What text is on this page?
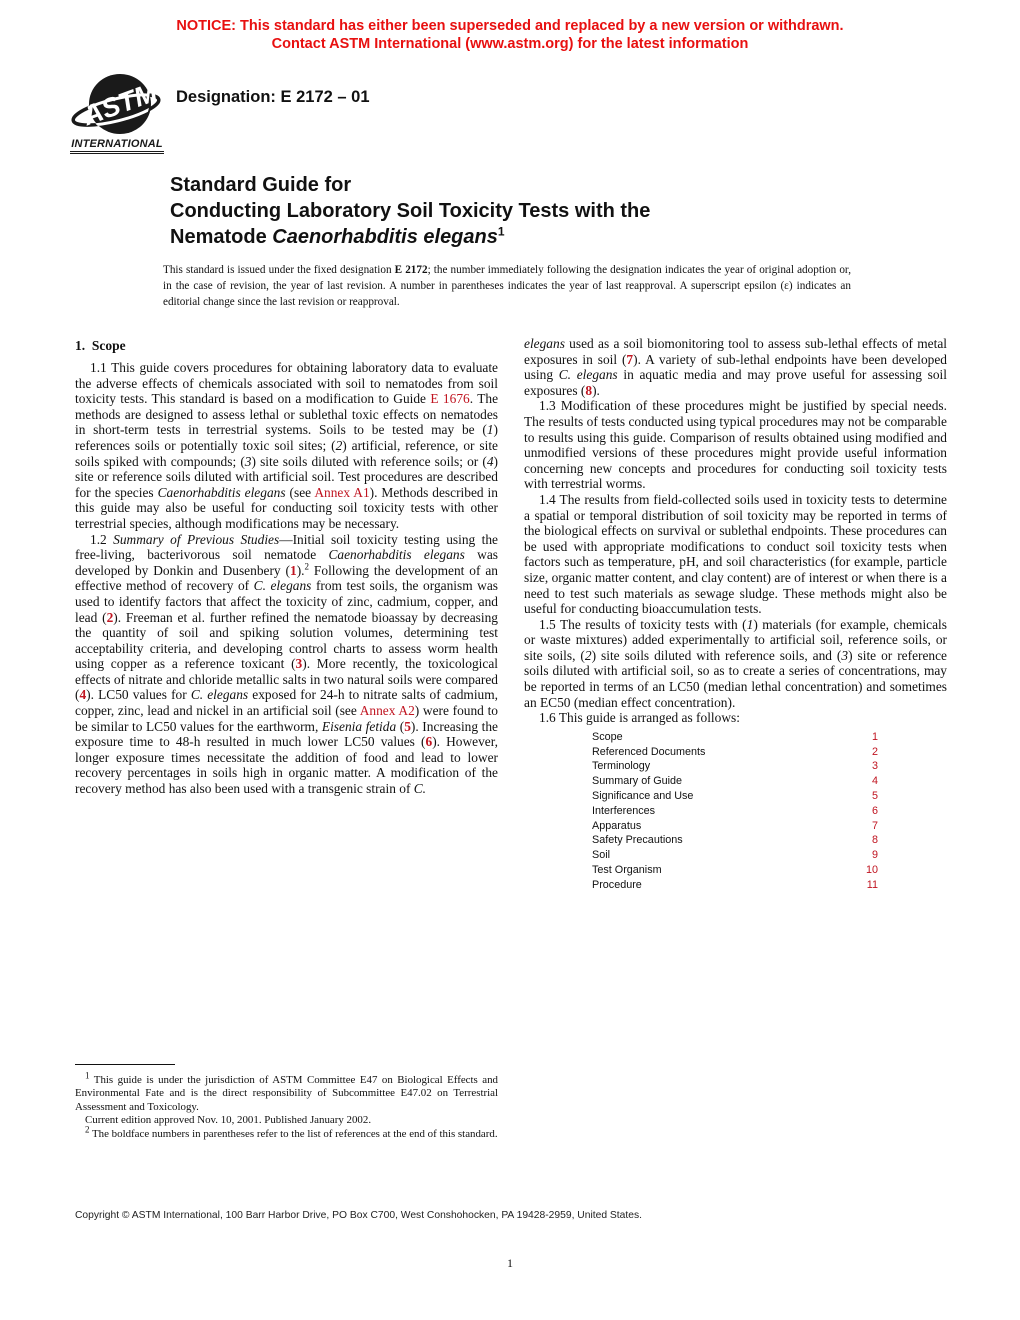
NOTICE: This standard has either been superseded and replaced by a new version or withdrawn.
Contact ASTM International (www.astm.org) for the latest information
ASTM
INTERNATIONAL
Designation: E 2172 – 01
Standard Guide for
Conducting Laboratory Soil Toxicity Tests with the
Nematode Caenorhabditis elegans$^1$

This standard is issued under the fixed designation E 2172; the number immediately following the designation indicates the year of original adoption or, in the case of revision, the year of last revision. A number in parentheses indicates the year of last reapproval. A superscript epsilon (ε) indicates an editorial change since the last revision or reapproval.

1.  Scope

1.1 This guide covers procedures for obtaining laboratory data to evaluate the adverse effects of chemicals associated with soil to nematodes from soil toxicity tests. This standard is based on a modification to Guide E 1676. The methods are designed to assess lethal or sublethal toxic effects on nematodes in short-term tests in terrestrial systems. Soils to be tested may be (1) references soils or potentially toxic soil sites; (2) artificial, reference, or site soils spiked with compounds; (3) site soils diluted with reference soils; or (4) site or reference soils diluted with artificial soil. Test procedures are described for the species Caenorhabditis elegans (see Annex A1). Methods described in this guide may also be useful for conducting soil toxicity tests with other terrestrial species, although modifications may be necessary.

1.2 Summary of Previous Studies—Initial soil toxicity testing using the free-living, bacterivorous soil nematode Caenorhabditis elegans was developed by Donkin and Dusenbery (1).$^2$ Following the development of an effective method of recovery of C. elegans from test soils, the organism was used to identify factors that affect the toxicity of zinc, cadmium, copper, and lead (2). Freeman et al. further refined the nematode bioassay by decreasing the quantity of soil and spiking solution volumes, determining test acceptability criteria, and developing control charts to assess worm health using copper as a reference toxicant (3). More recently, the toxicological effects of nitrate and chloride metallic salts in two natural soils were compared (4). LC50 values for C. elegans exposed for 24-h to nitrate salts of cadmium, copper, zinc, lead and nickel in an artificial soil (see Annex A2) were found to be similar to LC50 values for the earthworm, Eisenia fetida (5). Increasing the exposure time to 48-h resulted in much lower LC50 values (6). However, longer exposure times necessitate the addition of food and lead to lower recovery percentages in soils high in organic matter. A modification of the recovery method has also been used with a transgenic strain of C.

elegans used as a soil biomonitoring tool to assess sub-lethal effects of metal exposures in soil (7). A variety of sub-lethal endpoints have been developed using C. elegans in aquatic media and may prove useful for assessing soil exposures (8).

1.3 Modification of these procedures might be justified by special needs. The results of tests conducted using typical procedures may not be comparable to results using this guide. Comparison of results obtained using modified and unmodified versions of these procedures might provide useful information concerning new concepts and procedures for conducting soil toxicity tests with terrestrial worms.

1.4 The results from field-collected soils used in toxicity tests to determine a spatial or temporal distribution of soil toxicity may be reported in terms of the biological effects on survival or sublethal endpoints. These procedures can be used with appropriate modifications to conduct soil toxicity tests when factors such as temperature, pH, and soil characteristics (for example, particle size, organic matter content, and clay content) are of interest or when there is a need to test such materials as sewage sludge. These methods might also be useful for conducting bioaccumulation tests.

1.5 The results of toxicity tests with (1) materials (for example, chemicals or waste mixtures) added experimentally to artificial soil, reference soils, or site soils, (2) site soils diluted with reference soils, and (3) site or reference soils diluted with artificial soil, so as to create a series of concentrations, may be reported in terms of an LC50 (median lethal concentration) and sometimes an EC50 (median effect concentration).

1.6 This guide is arranged as follows:

Scope	1
Referenced Documents	2
Terminology	3
Summary of Guide	4
Significance and Use	5
Interferences	6
Apparatus	7
Safety Precautions	8
Soil	9
Test Organism	10
Procedure	11

$^1$ This guide is under the jurisdiction of ASTM Committee E47 on Biological Effects and Environmental Fate and is the direct responsibility of Subcommittee E47.02 on Terrestrial Assessment and Toxicology.

Current edition approved Nov. 10, 2001. Published January 2002.

$^2$ The boldface numbers in parentheses refer to the list of references at the end of this standard.

Copyright © ASTM International, 100 Barr Harbor Drive, PO Box C700, West Conshohocken, PA 19428-2959, United States.
1
